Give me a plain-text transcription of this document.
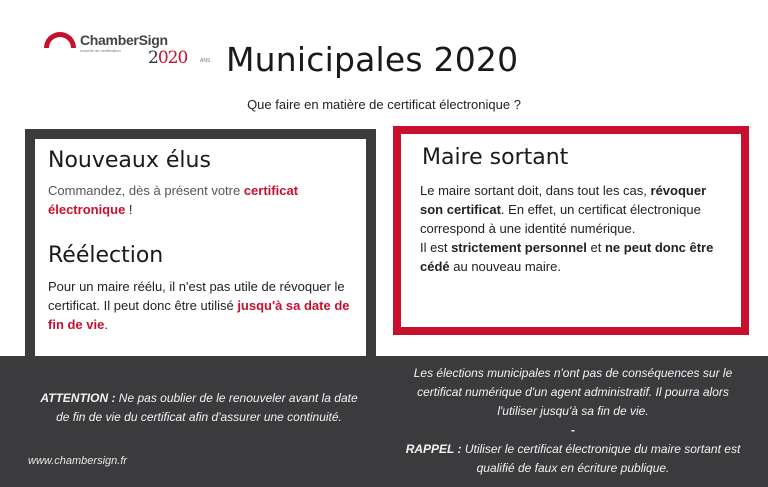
ChamberSign
Autorité de certification 2020	ANS Municipales 2020
Que faire en matière de certificat électronique ?
Nouveaux élus

Commandez, dès à présent votre certificat électronique !

Réélection

Pour un maire réélu, il n'est pas utile de révoquer le certificat. Il peut donc être utilisé jusqu'à sa date de fin de vie.

Maire sortant

Le maire sortant doit, dans tout les cas, révoquer son certificat. En effet, un certificat électronique correspond à une identité numérique.
Il est strictement personnel et ne peut donc être cédé au nouveau maire.

ATTENTION : Ne pas oublier de le renouveler avant la date de fin de vie du certificat afin d'assurer une continuité.

Les élections municipales n'ont pas de conséquences sur le certificat numérique d'un agent administratif. Il pourra alors l'utiliser jusqu'à sa fin de vie.
-
RAPPEL : Utiliser le certificat électronique du maire sortant est qualifié de faux en écriture publique.

www.chambersign.fr
